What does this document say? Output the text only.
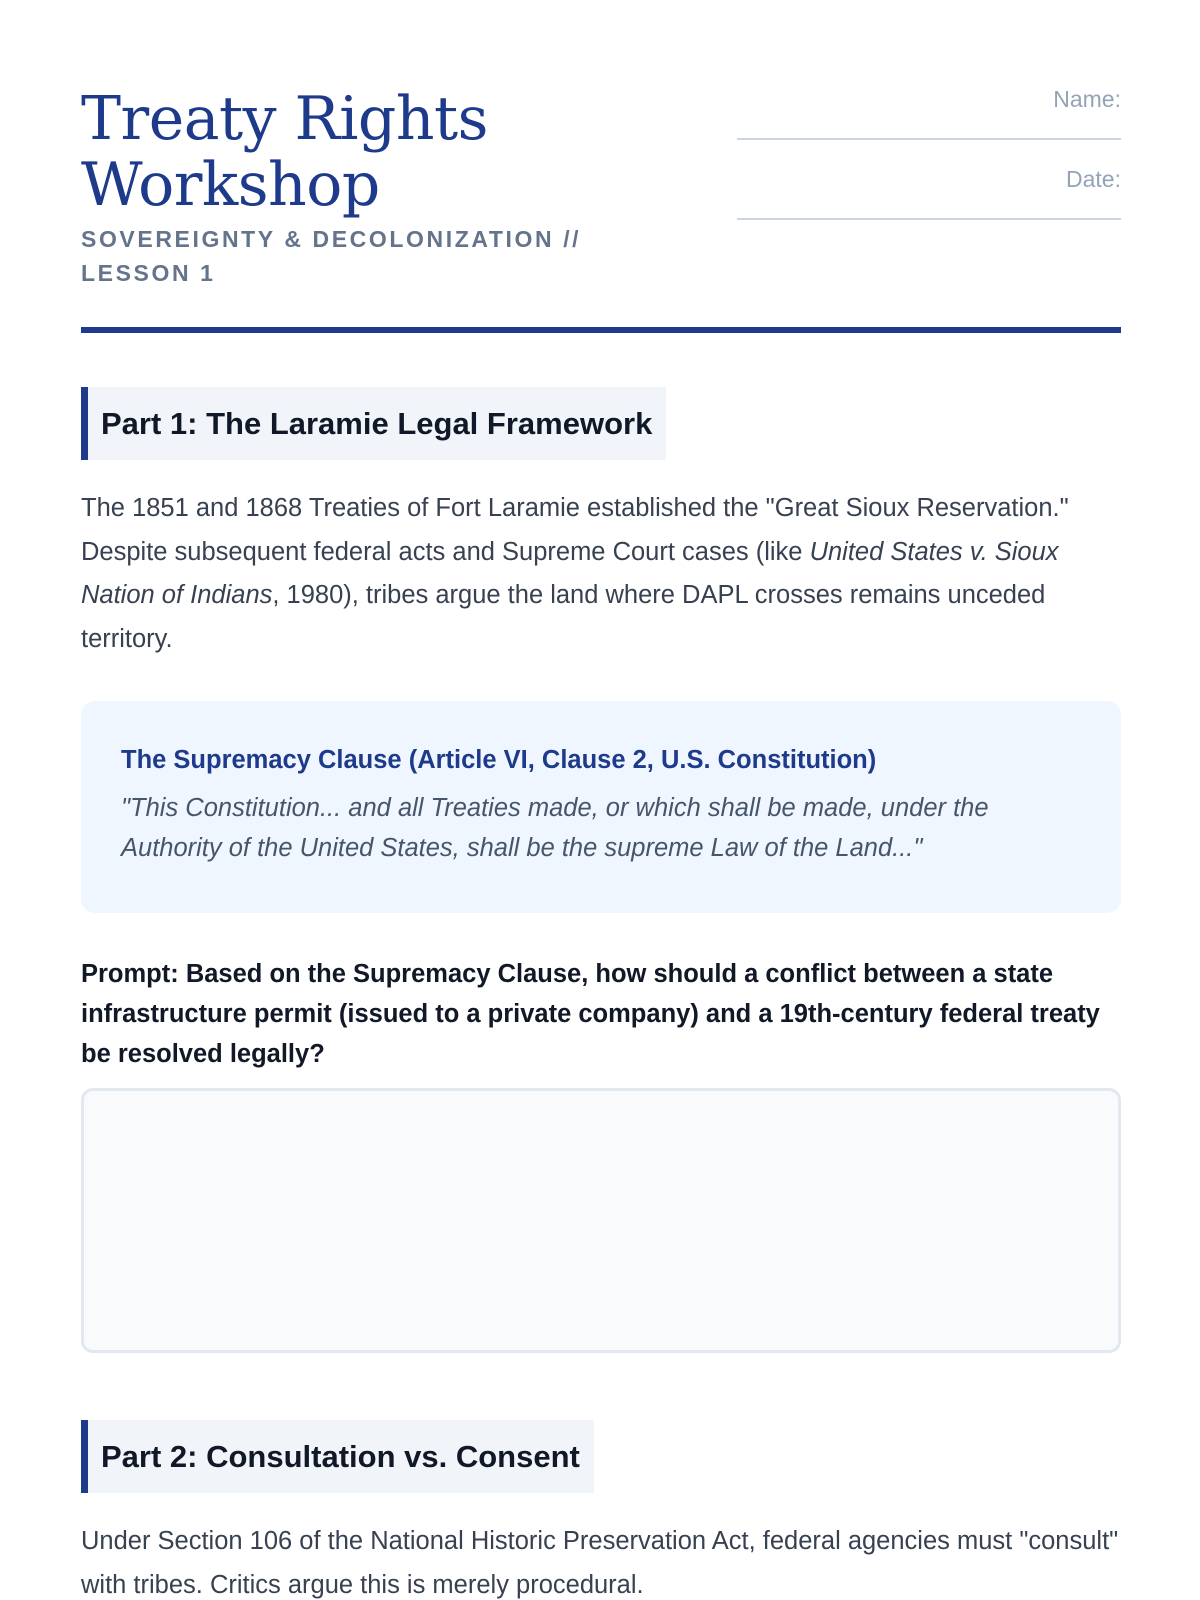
Treaty Rights Workshop
SOVEREIGNTY & DECOLONIZATION // LESSON 1
Name:
Date:
Part 1: The Laramie Legal Framework

The 1851 and 1868 Treaties of Fort Laramie established the "Great Sioux Reservation." Despite subsequent federal acts and Supreme Court cases (like United States v. Sioux Nation of Indians, 1980), tribes argue the land where DAPL crosses remains unceded territory.

The Supremacy Clause (Article VI, Clause 2, U.S. Constitution)

"This Constitution... and all Treaties made, or which shall be made, under the Authority of the United States, shall be the supreme Law of the Land..."

Prompt: Based on the Supremacy Clause, how should a conflict between a state infrastructure permit (issued to a private company) and a 19th-century federal treaty be resolved legally?

Part 2: Consultation vs. Consent

Under Section 106 of the National Historic Preservation Act, federal agencies must "consult" with tribes. Critics argue this is merely procedural.
